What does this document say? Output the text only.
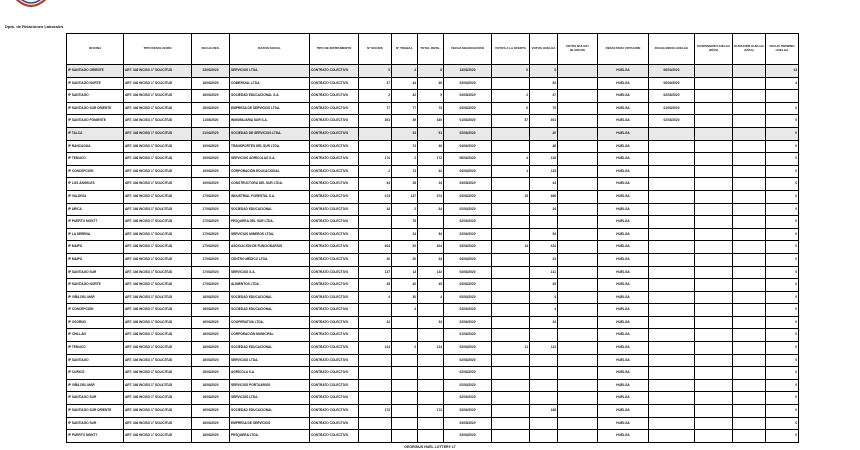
Dpto. de Relaciones Laborales
OFICINA	TIPO RESOLUCIÓN	FECHA RES.	RAZÓN SOCIAL	TIPO DE INSTRUMENTO	Nº SOCIOS	Nº TRABAJ.	TOTAL INVOL.	FECHA NEGOCIACIÓN	VOTOS A LA OFERTA	VOTOS HUELGA	VOTOS NULOS / BLANCOS	RESULTADO VOTACIÓN	FECHA INICIO HUELGA	SUSPENSIÓN HUELGA (DÍAS)	DURACIÓN HUELGA (DÍAS)	FECHA TÉRMINO HUELGA
IP SANTIAGO ORIENTE	ART. 346 INCISO 1° SOLICITUD	23/03/2020	SERVICIOS LTDA.	CONTRATO COLECTIVO	5	4	8	13/03/2020	0	5		HUELGA	06/03/2020			13
IP SANTIAGO NORTE	ART. 346 INCISO 1° SOLICITUD	16/03/2020	COMERCIAL LTDA.	CONTRATO COLECTIVO	27	44	36	03/03/2020		52		HUELGA	06/03/2020			4
IP SANTIAGO	ART. 346 INCISO 1° SOLICITUD	16/03/2020	SOCIEDAD EDUCACIONAL S.A.	CONTRATO COLECTIVO	2	42	5	04/03/2020	2	47		HUELGA	02/03/2020			
IP SANTIAGO SUR ORIENTE	ART. 346 INCISO 1° SOLICITUD	16/03/2020	EMPRESA DE SERVICIOS LTDA.	CONTRATO COLECTIVO	77	77	73	03/03/2020	0	75		HUELGA	01/03/2020			0
IP SANTIAGO PONIENTE	ART. 346 INCISO 1° SOLICITUD	11/03/2020	INMOBILIARIA SUR S.A.	CONTRATO COLECTIVO	351	49	340	01/03/2020	57	301		HUELGA	02/03/2020			0
IP TALCA	ART. 346 INCISO 1° SOLICITUD	21/03/2020	SOCIEDAD DE SERVICIOS LTDA.	CONTRATO COLECTIVO		33	51	02/03/2020		40		HUELGA				0
IP RANCAGUA	ART. 346 INCISO 1° SOLICITUD	19/03/2020	TRANSPORTES DEL SUR LTDA.	CONTRATO COLECTIVO		74	49	04/03/2020		48		HUELGA				0
IP TEMUCO	ART. 346 INCISO 1° SOLICITUD	19/03/2020	SERVICIOS AGRÍCOLAS S.A.	CONTRATO COLECTIVO	174	2	172	08/03/2020	4	116		HUELGA				0
IP CONCEPCIÓN	ART. 346 INCISO 1° SOLICITUD	19/03/2020	CORPORACIÓN EDUCACIONAL	CONTRATO COLECTIVO	2	73	32	04/03/2020	1	115		HUELGA				0
IP LOS ÁNGELES	ART. 346 INCISO 1° SOLICITUD	19/03/2020	CONSTRUCTORA DEL SUR LTDA.	CONTRATO COLECTIVO	44	28	24	03/03/2020		44		HUELGA				0
IP VALDIVIA	ART. 346 INCISO 1° SOLICITUD	17/03/2020	INDUSTRIAL FORESTAL S.A.	CONTRATO COLECTIVO	474	137	474	03/03/2020	15	466		HUELGA				0
IP ARICA	ART. 346 INCISO 1° SOLICITUD	17/03/2020	SOCIEDAD EDUCACIONAL	CONTRATO COLECTIVO	34	2	34	02/03/2020		34		HUELGA				0
IP PUERTO MONTT	ART. 346 INCISO 1° SOLICITUD	17/03/2020	PESQUERA DEL SUR LTDA.	CONTRATO COLECTIVO		78		02/03/2020				HUELGA				0
IP LA SERENA	ART. 346 INCISO 1° SOLICITUD	17/03/2020	SERVICIOS MINEROS LTDA.	CONTRATO COLECTIVO		24	54	02/03/2020		54		HUELGA				0
IP MAIPÚ	ART. 346 INCISO 1° SOLICITUD	17/03/2020	ASOCIACIÓN DE FUNCIONARIOS	CONTRATO COLECTIVO	404	52	404	03/03/2020	14	424		HUELGA				0
IP MAIPÚ	ART. 346 INCISO 1° SOLICITUD	17/03/2020	CENTRO MÉDICO LTDA.	CONTRATO COLECTIVO	20	20	23	04/03/2020		23		HUELGA				0
IP SANTIAGO SUR	ART. 346 INCISO 1° SOLICITUD	17/03/2020	SERVICIOS S.A.	CONTRATO COLECTIVO	137	13	132	03/03/2020		131		HUELGA				0
IP SANTIAGO NORTE	ART. 346 INCISO 1° SOLICITUD	17/03/2020	ALIMENTOS LTDA.	CONTRATO COLECTIVO	45	40	45	03/03/2020		45		HUELGA				0
IP VIÑA DEL MAR	ART. 346 INCISO 1° SOLICITUD	16/03/2020	SOCIEDAD EDUCACIONAL	CONTRATO COLECTIVO	4	30	4	03/03/2020		4		HUELGA				0
IP CONCEPCIÓN	ART. 346 INCISO 1° SOLICITUD	16/03/2020	SOCIEDAD EDUCACIONAL	CONTRATO COLECTIVO		4		03/03/2020		4		HUELGA				0
IP OSORNO	ART. 346 INCISO 1° SOLICITUD	16/03/2020	COOPERATIVA LTDA.	CONTRATO COLECTIVO	34		34	02/03/2020		34		HUELGA				0
IP CHILLÁN	ART. 346 INCISO 1° SOLICITUD	16/03/2020	CORPORACIÓN MUNICIPAL	CONTRATO COLECTIVO				01/03/2020				HUELGA				0
IP TEMUCO	ART. 346 INCISO 1° SOLICITUD	16/03/2020	SOCIEDAD EDUCACIONAL	CONTRATO COLECTIVO	124	2	124	02/03/2020	11	113		HUELGA				0
IP SANTIAGO	ART. 346 INCISO 1° SOLICITUD	16/03/2020	SERVICIOS LTDA.	CONTRATO COLECTIVO				02/03/2020				HUELGA				0
IP CURICÓ	ART. 346 INCISO 1° SOLICITUD	16/03/2020	AGRÍCOLA S.A.	CONTRATO COLECTIVO				02/03/2020				HUELGA				0
IP VIÑA DEL MAR	ART. 346 INCISO 1° SOLICITUD	16/03/2020	SERVICIOS PORTUARIOS	CONTRATO COLECTIVO				02/03/2020				HUELGA				0
IP SANTIAGO SUR	ART. 346 INCISO 1° SOLICITUD	16/03/2020	SERVICIOS LTDA.	CONTRATO COLECTIVO				02/03/2020				HUELGA				0
IP SANTIAGO SUR ORIENTE	ART. 346 INCISO 1° SOLICITUD	16/03/2020	SOCIEDAD EDUCACIONAL	CONTRATO COLECTIVO	172		172	03/03/2020		168		HUELGA				0
IP SANTIAGO SUR	ART. 346 INCISO 1° SOLICITUD	16/03/2020	EMPRESA DE SERVICIOS	CONTRATO COLECTIVO				03/03/2020				HUELGA				0
IP PUERTO MONTT	ART. 346 INCISO 1° SOLICITUD	16/03/2020	PESQUERA LTDA.	CONTRATO COLECTIVO				03/03/2020				HUELGA				0
GEORGIUS HUEL LOTTERY LT
